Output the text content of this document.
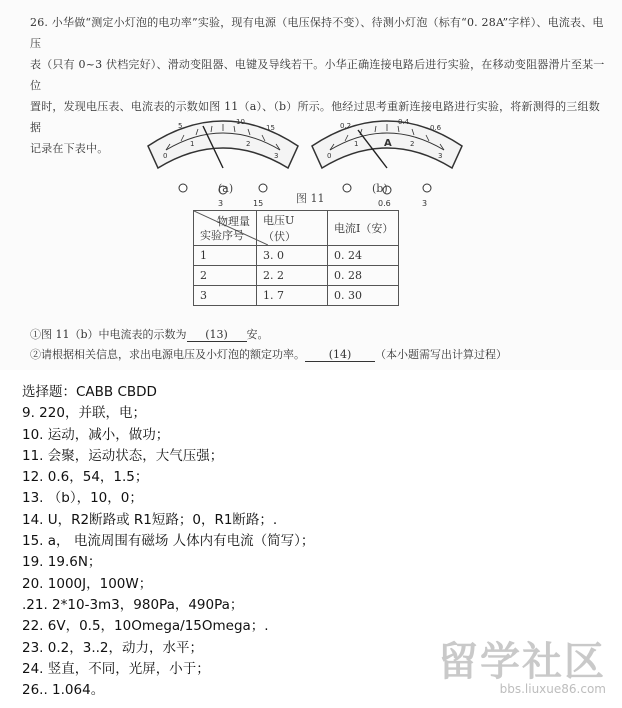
26. 小华做“测定小灯泡的电功率”实验，现有电源（电压保持不变）、待测小灯泡（标有“0. 28A”字样）、电流表、电压
表（只有 0~3 伏档完好）、滑动变阻器、电键及导线若干。小华正确连接电路后进行实验，在移动变阻器滑片至某一位
置时，发现电压表、电流表的示数如图 11（a）、（b）所示。他经过思考重新连接电路进行实验，将新测得的三组数据
记录在下表中。
0
1	2
3
5	10
15
3	15
0
1	2
3
0.2	0.4
0.6
A
0.6	3
(a)
图 11
(b)
物理量
实验序号	电压U（伏）	电流I（安）
1	3. 0	0. 24
2	2. 2	0. 28
3	1. 7	0. 30
①图 11（b）中电流表的示数为 (13) 安。
②请根据相关信息，求出电源电压及小灯泡的额定功率。 (14) （本小题需写出计算过程）
选择题：CABB CBDD
9. 220，并联，电；
10. 运动，减小，做功；
11. 会聚，运动状态，大气压强；
12. 0.6，54，1.5；
13. （b），10，0；
14. U，R2断路或 R1短路；0，R1断路；.
15. a， 电流周围有磁场 人体内有电流（简写）；
19. 19.6N；
20. 1000J，100W；
.21. 2*10-3m3，980Pa，490Pa；
22. 6V，0.5，10Omega/15Omega；.
23. 0.2，3..2，动力，水平；
24. 竖直，不同，光屏，小于；
26.. 1.064。
留学社区
bbs.liuxue86.com
